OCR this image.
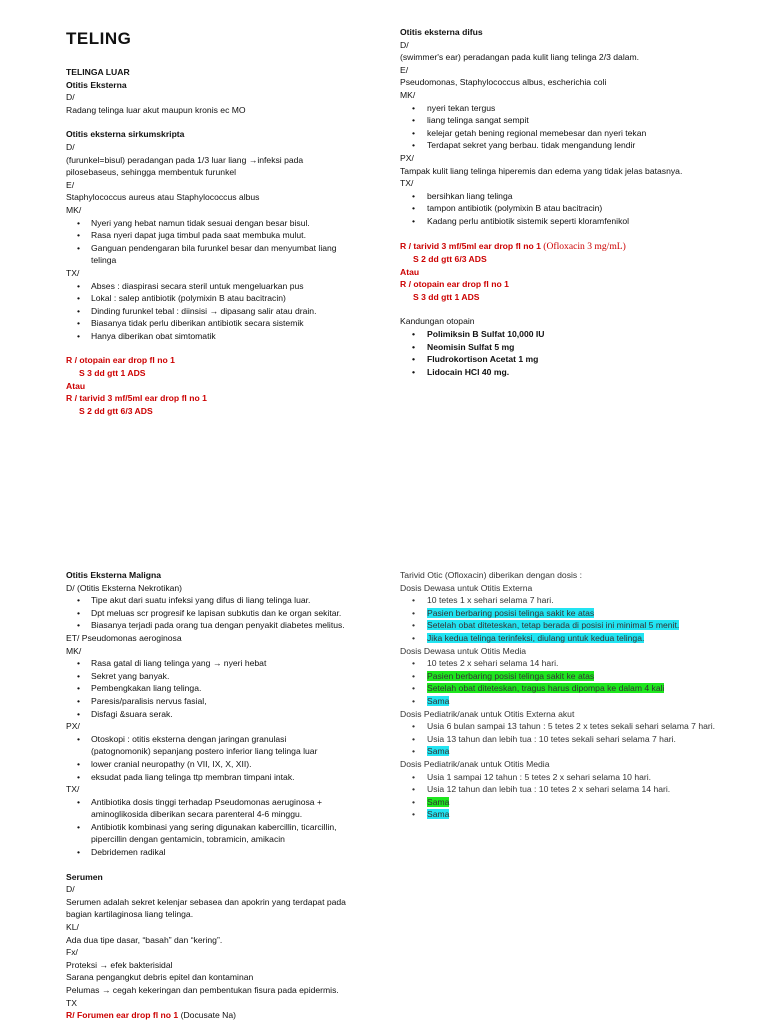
TELING
TELINGA LUAR
Otitis Eksterna
D/
Radang telinga luar akut maupun kronis ec MO
Otitis eksterna sirkumskripta
D/
(furunkel=bisul) peradangan pada 1/3 luar liang →infeksi pada
pilosebaseus, sehingga membentuk furunkel
E/
Staphylococcus aureus atau Staphylococcus albus
MK/
• Nyeri yang hebat namun tidak sesuai dengan besar bisul.
• Rasa nyeri dapat juga timbul pada saat membuka mulut.
• Ganguan pendengaran bila furunkel besar dan menyumbat liang
telinga
TX/
• Abses : diaspirasi secara steril untuk mengeluarkan pus
• Lokal : salep antibiotik (polymixin B atau bacitracin)
• Dinding furunkel tebal : diinsisi → dipasang salir atau drain.
• Biasanya tidak perlu diberikan antibiotik secara sistemik
• Hanya diberikan obat simtomatik
R / otopain ear drop fl no 1
S 3 dd gtt 1 ADS
Atau
R / tarivid 3 mf/5ml ear drop fl no 1
S 2 dd gtt 6/3 ADS
Otitis eksterna difus
D/
(swimmer's ear) peradangan pada kulit liang telinga 2/3 dalam.
E/
Pseudomonas, Staphylococcus albus, escherichia coli
MK/
• nyeri tekan tergus
• liang telinga sangat sempit
• kelejar getah bening regional memebesar dan nyeri tekan
• Terdapat sekret yang berbau. tidak mengandung lendir
PX/
Tampak kulit liang telinga hiperemis dan edema yang tidak jelas batasnya.
TX/
• bersihkan liang telinga
• tampon antibiotik (polymixin B atau bacitracin)
• Kadang perlu antibiotik sistemik seperti kloramfenikol
R / tarivid 3 mf/5ml ear drop fl no 1 (Ofloxacin 3 mg/mL)
S 2 dd gtt 6/3 ADS
Atau
R / otopain ear drop fl no 1
S 3 dd gtt 1 ADS
Kandungan otopain
• Polimiksin B Sulfat 10,000 IU
• Neomisin Sulfat 5 mg
• Fludrokortison Acetat 1 mg
• Lidocain HCl 40 mg.
Otitis Eksterna Maligna
D/ (Otitis Eksterna Nekrotikan)
• Tipe akut dari suatu infeksi yang difus di liang telinga luar.
• Dpt meluas scr progresif ke lapisan subkutis dan ke organ sekitar.
• Biasanya terjadi pada orang tua dengan penyakit diabetes melitus.
ET/ Pseudomonas aeroginosa
MK/
• Rasa gatal di liang telinga yang → nyeri hebat
• Sekret yang banyak.
• Pembengkakan liang telinga.
• Paresis/paralisis nervus fasial,
• Disfagi &suara serak.
PX/
• Otoskopi : otitis eksterna dengan jaringan granulasi
(patognomonik) sepanjang postero inferior liang telinga luar
• lower cranial neuropathy (n VII, IX, X, XII).
• eksudat pada liang telinga ttp membran timpani intak.
TX/
• Antibiotika dosis tinggi terhadap Pseudomonas aeruginosa +
aminoglikosida diberikan secara parenteral 4-6 minggu.
• Antibiotik kombinasi yang sering digunakan kabercillin, ticarcillin,
pipercillin dengan gentamicin, tobramicin, amikacin
• Debridemen radikal
Serumen
D/
Serumen adalah sekret kelenjar sebasea dan apokrin yang terdapat pada
bagian kartilaginosa liang telinga.
KL/
Ada dua tipe dasar, “basah” dan “kering”.
Fx/
Proteksi → efek bakterisidal
Sarana pengangkut debris epitel dan kontaminan
Pelumas → cegah kekeringan dan pembentukan fisura pada epidermis.
TX
R/ Forumen ear drop fl no 1 (Docusate Na)
Tarivid Otic (Ofloxacin) diberikan dengan dosis :
Dosis Dewasa untuk Otitis Externa
• 10 tetes 1 x sehari selama 7 hari.
• Pasien berbaring posisi telinga sakit ke atas
• Setelah obat diteteskan, tetap berada di posisi ini minimal 5 menit.
• Jika kedua telinga terinfeksi, diulang untuk kedua telinga.
Dosis Dewasa untuk Otitis Media
• 10 tetes 2 x sehari selama 14 hari.
• Pasien berbaring posisi telinga sakit ke atas
• Setelah obat diteteskan, tragus harus dipompa ke dalam 4 kali
• Sama
Dosis Pediatrik/anak untuk Otitis Externa akut
• Usia 6 bulan sampai 13 tahun : 5 tetes 2 x tetes sekali sehari selama 7 hari.
• Usia 13 tahun dan lebih tua : 10 tetes sekali sehari selama 7 hari.
• Sama
Dosis Pediatrik/anak untuk Otitis Media
• Usia 1 sampai 12 tahun : 5 tetes 2 x sehari selama 10 hari.
• Usia 12 tahun dan lebih tua : 10 tetes 2 x sehari selama 14 hari.
• Sama
• Sama
